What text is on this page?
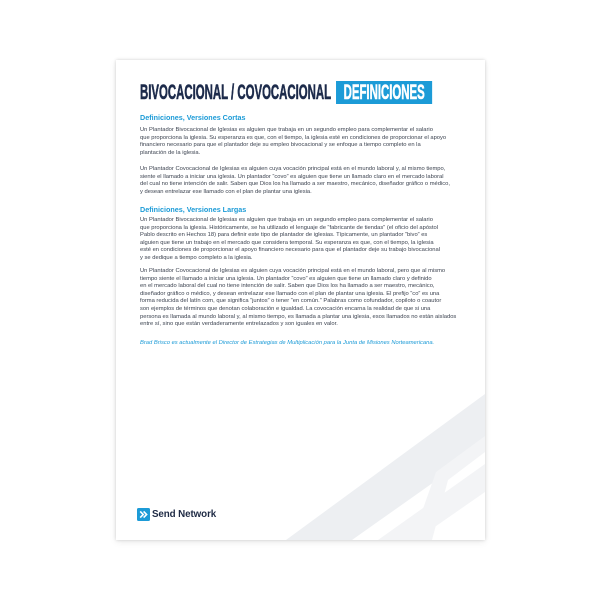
BIVOCACIONAL / COVOCACIONAL DEFINICIONES
Definiciones, Versiones Cortas
Un Plantador Bivocacional de Iglesias es alguien que trabaja en un segundo empleo para complementar el salario
que proporciona la iglesia. Su esperanza es que, con el tiempo, la iglesia esté en condiciones de proporcionar el apoyo
financiero necesario para que el plantador deje su empleo bivocacional y se enfoque a tiempo completo en la
plantación de la iglesia.
Un Plantador Covocacional de Iglesias es alguien cuya vocación principal está en el mundo laboral y, al mismo tiempo,
siente el llamado a iniciar una iglesia. Un plantador “covo” es alguien que tiene un llamado claro en el mercado laboral
del cual no tiene intención de salir. Saben que Dios los ha llamado a ser maestro, mecánico, diseñador gráfico o médico,
y desean entrelazar ese llamado con el plan de plantar una iglesia.
Definiciones, Versiones Largas
Un Plantador Bivocacional de Iglesias es alguien que trabaja en un segundo empleo para complementar el salario
que proporciona la iglesia. Históricamente, se ha utilizado el lenguaje de “fabricante de tiendas” (el oficio del apóstol
Pablo descrito en Hechos 18) para definir este tipo de plantador de iglesias. Típicamente, un plantador “bivo” es
alguien que tiene un trabajo en el mercado que considera temporal. Su esperanza es que, con el tiempo, la iglesia
esté en condiciones de proporcionar el apoyo financiero necesario para que el plantador deje su trabajo bivocacional
y se dedique a tiempo completo a la iglesia.
Un Plantador Covocacional de Iglesias es alguien cuya vocación principal está en el mundo laboral, pero que al mismo
tiempo siente el llamado a iniciar una iglesia. Un plantador “covo” es alguien que tiene un llamado claro y definido
en el mercado laboral del cual no tiene intención de salir. Saben que Dios los ha llamado a ser maestro, mecánico,
diseñador gráfico o médico, y desean entrelazar ese llamado con el plan de plantar una iglesia. El prefijo “co” es una
forma reducida del latín com, que significa “juntos” o tener “en común.” Palabras como cofundador, copiloto o coautor
son ejemplos de términos que denotan colaboración e igualdad. La covocación encarna la realidad de que si una
persona es llamada al mundo laboral y, al mismo tiempo, es llamada a plantar una iglesia, esos llamados no están aislados
entre sí, sino que están verdaderamente entrelazados y son iguales en valor.
Brad Brisco es actualmente el Director de Estrategias de Multiplicación para la Junta de Misiones Norteamericana.
Send Network
